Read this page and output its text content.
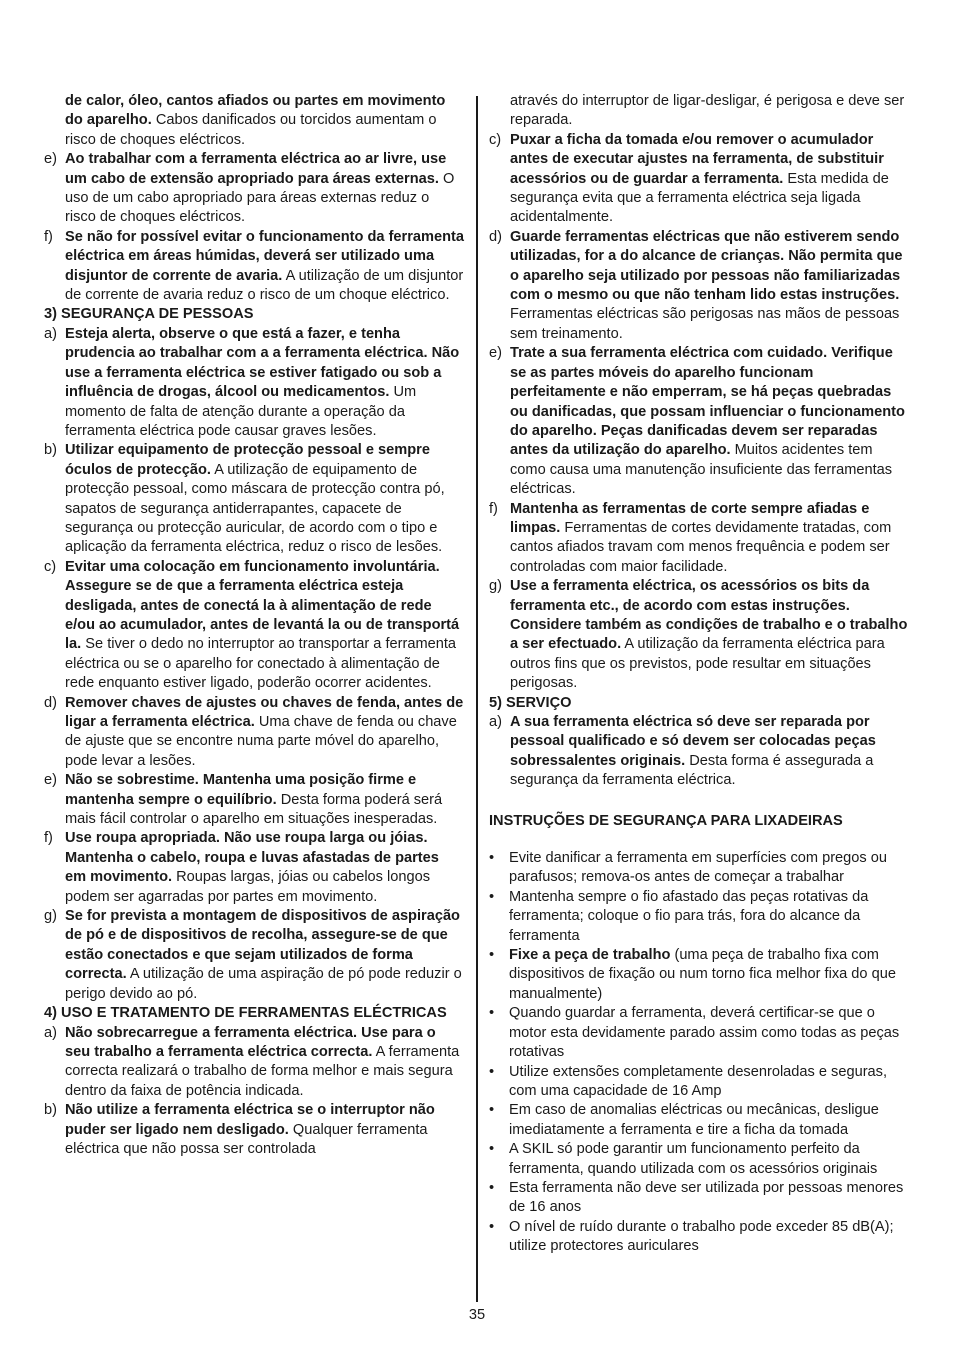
de calor, óleo, cantos afiados ou partes em movimento do aparelho. Cabos danificados ou torcidos aumentam o risco de choques eléctricos.

e) Ao trabalhar com a ferramenta eléctrica ao ar livre, use um cabo de extensão apropriado para áreas externas. O uso de um cabo apropriado para áreas externas reduz o risco de choques eléctricos.

f) Se não for possível evitar o funcionamento da ferramenta eléctrica em áreas húmidas, deverá ser utilizado uma disjuntor de corrente de avaria. A utilização de um disjuntor de corrente de avaria reduz o risco de um choque eléctrico.

3) SEGURANÇA DE PESSOAS

a) Esteja alerta, observe o que está a fazer, e tenha prudencia ao trabalhar com a a ferramenta eléctrica. Não use a ferramenta eléctrica se estiver fatigado ou sob a influência de drogas, álcool ou medicamentos. Um momento de falta de atenção durante a operação da ferramenta eléctrica pode causar graves lesões.

b) Utilizar equipamento de protecção pessoal e sempre óculos de protecção. A utilização de equipamento de protecção pessoal, como máscara de protecção contra pó, sapatos de segurança antiderrapantes, capacete de segurança ou protecção auricular, de acordo com o tipo e aplicação da ferramenta eléctrica, reduz o risco de lesões.

c) Evitar uma colocação em funcionamento involuntária. Assegure se de que a ferramenta eléctrica esteja desligada, antes de conectá la à alimentação de rede e/ou ao acumulador, antes de levantá la ou de transportá la. Se tiver o dedo no interruptor ao transportar a ferramenta eléctrica ou se o aparelho for conectado à alimentação de rede enquanto estiver ligado, poderão ocorrer acidentes.

d) Remover chaves de ajustes ou chaves de fenda, antes de ligar a ferramenta eléctrica. Uma chave de fenda ou chave de ajuste que se encontre numa parte móvel do aparelho, pode levar a lesões.

e) Não se sobrestime. Mantenha uma posição firme e mantenha sempre o equilíbrio. Desta forma poderá será mais fácil controlar o aparelho em situações inesperadas.

f) Use roupa apropriada. Não use roupa larga ou jóias. Mantenha o cabelo, roupa e luvas afastadas de partes em movimento. Roupas largas, jóias ou cabelos longos podem ser agarradas por partes em movimento.

g) Se for prevista a montagem de dispositivos de aspiração de pó e de dispositivos de recolha, assegure-se de que estão conectados e que sejam utilizados de forma correcta. A utilização de uma aspiração de pó pode reduzir o perigo devido ao pó.

4) USO E TRATAMENTO DE FERRAMENTAS ELÉCTRICAS

a) Não sobrecarregue a ferramenta eléctrica. Use para o seu trabalho a ferramenta eléctrica correcta. A ferramenta correcta realizará o trabalho de forma melhor e mais segura dentro da faixa de potência indicada.

b) Não utilize a ferramenta eléctrica se o interruptor não puder ser ligado nem desligado. Qualquer ferramenta eléctrica que não possa ser controlada

através do interruptor de ligar-desligar, é perigosa e deve ser reparada.

c) Puxar a ficha da tomada e/ou remover o acumulador antes de executar ajustes na ferramenta, de substituir acessórios ou de guardar a ferramenta. Esta medida de segurança evita que a ferramenta eléctrica seja ligada acidentalmente.

d) Guarde ferramentas eléctricas que não estiverem sendo utilizadas, for a do alcance de crianças. Não permita que o aparelho seja utilizado por pessoas não familiarizadas com o mesmo ou que não tenham lido estas instruções. Ferramentas eléctricas são perigosas nas mãos de pessoas sem treinamento.

e) Trate a sua ferramenta eléctrica com cuidado. Verifique se as partes móveis do aparelho funcionam perfeitamente e não emperram, se há peças quebradas ou danificadas, que possam influenciar o funcionamento do aparelho. Peças danificadas devem ser reparadas antes da utilização do aparelho. Muitos acidentes tem como causa uma manutenção insuficiente das ferramentas eléctricas.

f) Mantenha as ferramentas de corte sempre afiadas e limpas. Ferramentas de cortes devidamente tratadas, com cantos afiados travam com menos frequência e podem ser controladas com maior facilidade.

g) Use a ferramenta eléctrica, os acessórios os bits da ferramenta etc., de acordo com estas instruções. Considere também as condições de trabalho e o trabalho a ser efectuado. A utilização da ferramenta eléctrica para outros fins que os previstos, pode resultar em situações perigosas.

5) SERVIÇO

a) A sua ferramenta eléctrica só deve ser reparada por pessoal qualificado e só devem ser colocadas peças sobressalentes originais. Desta forma é assegurada a segurança da ferramenta eléctrica.

INSTRUÇÕES DE SEGURANÇA PARA LIXADEIRAS

• Evite danificar a ferramenta em superfícies com pregos ou parafusos; remova-os antes de começar a trabalhar
• Mantenha sempre o fio afastado das peças rotativas da ferramenta; coloque o fio para trás, fora do alcance da ferramenta
• Fixe a peça de trabalho (uma peça de trabalho fixa com dispositivos de fixação ou num torno fica melhor fixa do que manualmente)
• Quando guardar a ferramenta, deverá certificar-se que o motor esta devidamente parado assim como todas as peças rotativas
• Utilize extensões completamente desenroladas e seguras, com uma capacidade de 16 Amp
• Em caso de anomalias eléctricas ou mecânicas, desligue imediatamente a ferramenta e tire a ficha da tomada
• A SKIL só pode garantir um funcionamento perfeito da ferramenta, quando utilizada com os acessórios originais
• Esta ferramenta não deve ser utilizada por pessoas menores de 16 anos
• O nível de ruído durante o trabalho pode exceder 85 dB(A); utilize protectores auriculares
35
